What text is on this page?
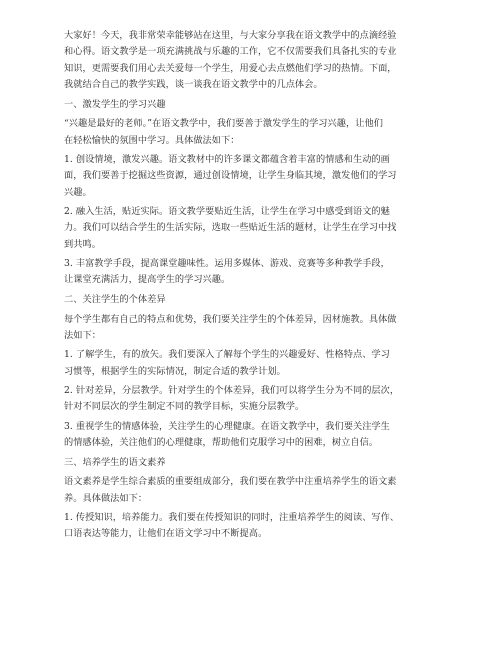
大家好！今天，我非常荣幸能够站在这里，与大家分享我在语文教学中的点滴经验
和心得。语文教学是一项充满挑战与乐趣的工作，它不仅需要我们具备扎实的专业
知识，更需要我们用心去关爱每一个学生，用爱心去点燃他们学习的热情。下面，
我就结合自己的教学实践，谈一谈我在语文教学中的几点体会。
一、激发学生的学习兴趣
“兴趣是最好的老师。”在语文教学中，我们要善于激发学生的学习兴趣，让他们
在轻松愉快的氛围中学习。具体做法如下：
1. 创设情境，激发兴趣。语文教材中的许多课文都蕴含着丰富的情感和生动的画
面，我们要善于挖掘这些资源，通过创设情境，让学生身临其境，激发他们的学习
兴趣。
2. 融入生活，贴近实际。语文教学要贴近生活，让学生在学习中感受到语文的魅
力。我们可以结合学生的生活实际，选取一些贴近生活的题材，让学生在学习中找
到共鸣。
3. 丰富教学手段，提高课堂趣味性。运用多媒体、游戏、竞赛等多种教学手段，
让课堂充满活力，提高学生的学习兴趣。
二、关注学生的个体差异
每个学生都有自己的特点和优势，我们要关注学生的个体差异，因材施教。具体做
法如下：
1. 了解学生，有的放矢。我们要深入了解每个学生的兴趣爱好、性格特点、学习
习惯等，根据学生的实际情况，制定合适的教学计划。
2. 针对差异，分层教学。针对学生的个体差异，我们可以将学生分为不同的层次，
针对不同层次的学生制定不同的教学目标，实施分层教学。
3. 重视学生的情感体验，关注学生的心理健康。在语文教学中，我们要关注学生
的情感体验，关注他们的心理健康，帮助他们克服学习中的困难，树立自信。
三、培养学生的语文素养
语文素养是学生综合素质的重要组成部分，我们要在教学中注重培养学生的语文素
养。具体做法如下：
1. 传授知识，培养能力。我们要在传授知识的同时，注重培养学生的阅读、写作、
口语表达等能力，让他们在语文学习中不断提高。
